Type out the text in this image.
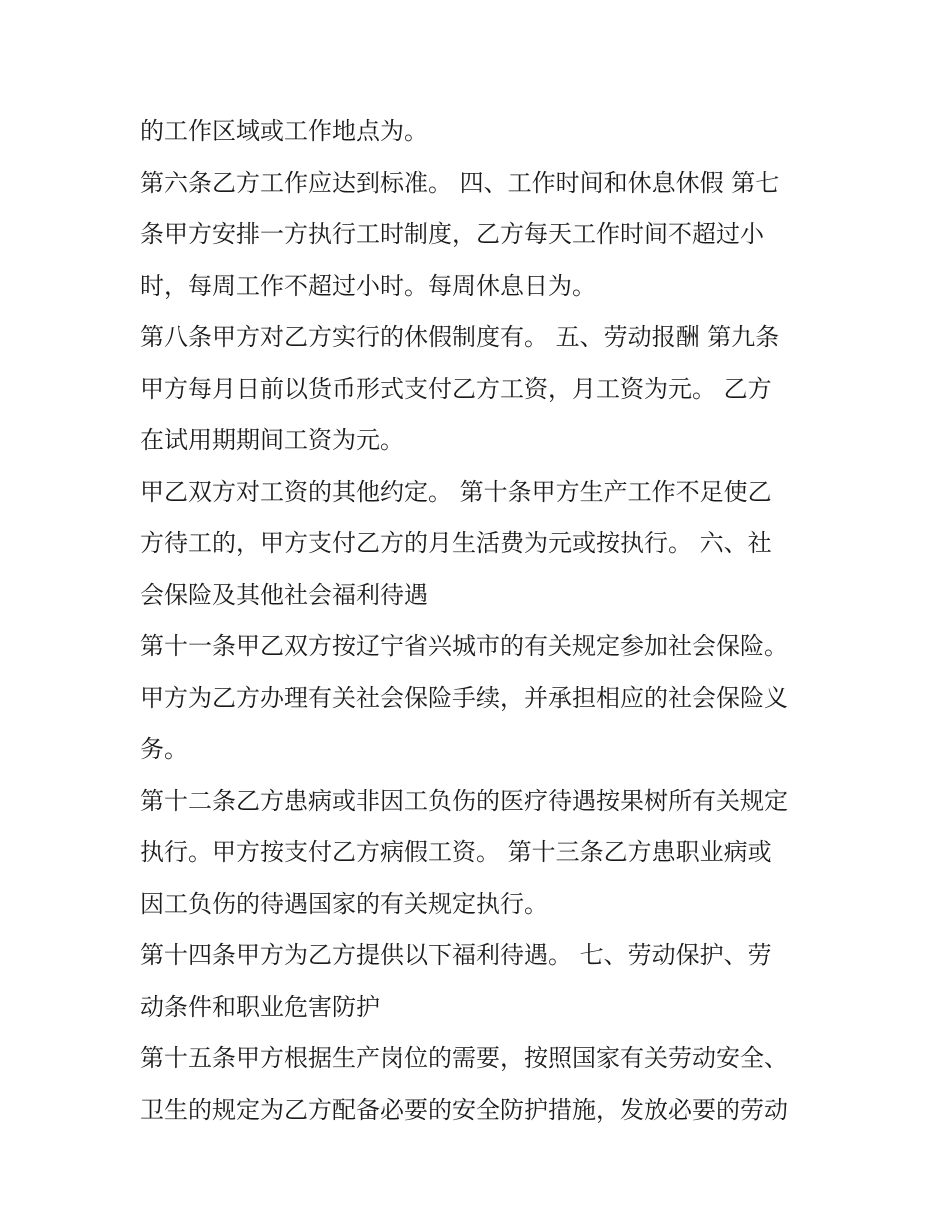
的工作区域或工作地点为。
第六条乙方工作应达到标准。 四、工作时间和休息休假 第七
条甲方安排一方执行工时制度，乙方每天工作时间不超过小
时，每周工作不超过小时。每周休息日为。
第八条甲方对乙方实行的休假制度有。 五、劳动报酬 第九条
甲方每月日前以货币形式支付乙方工资，月工资为元。 乙方
在试用期期间工资为元。
甲乙双方对工资的其他约定。 第十条甲方生产工作不足使乙
方待工的，甲方支付乙方的月生活费为元或按执行。 六、社
会保险及其他社会福利待遇
第十一条甲乙双方按辽宁省兴城市的有关规定参加社会保险。
甲方为乙方办理有关社会保险手续，并承担相应的社会保险义
务。
第十二条乙方患病或非因工负伤的医疗待遇按果树所有关规定
执行。甲方按支付乙方病假工资。 第十三条乙方患职业病或
因工负伤的待遇国家的有关规定执行。
第十四条甲方为乙方提供以下福利待遇。 七、劳动保护、劳
动条件和职业危害防护
第十五条甲方根据生产岗位的需要，按照国家有关劳动安全、
卫生的规定为乙方配备必要的安全防护措施，发放必要的劳动
